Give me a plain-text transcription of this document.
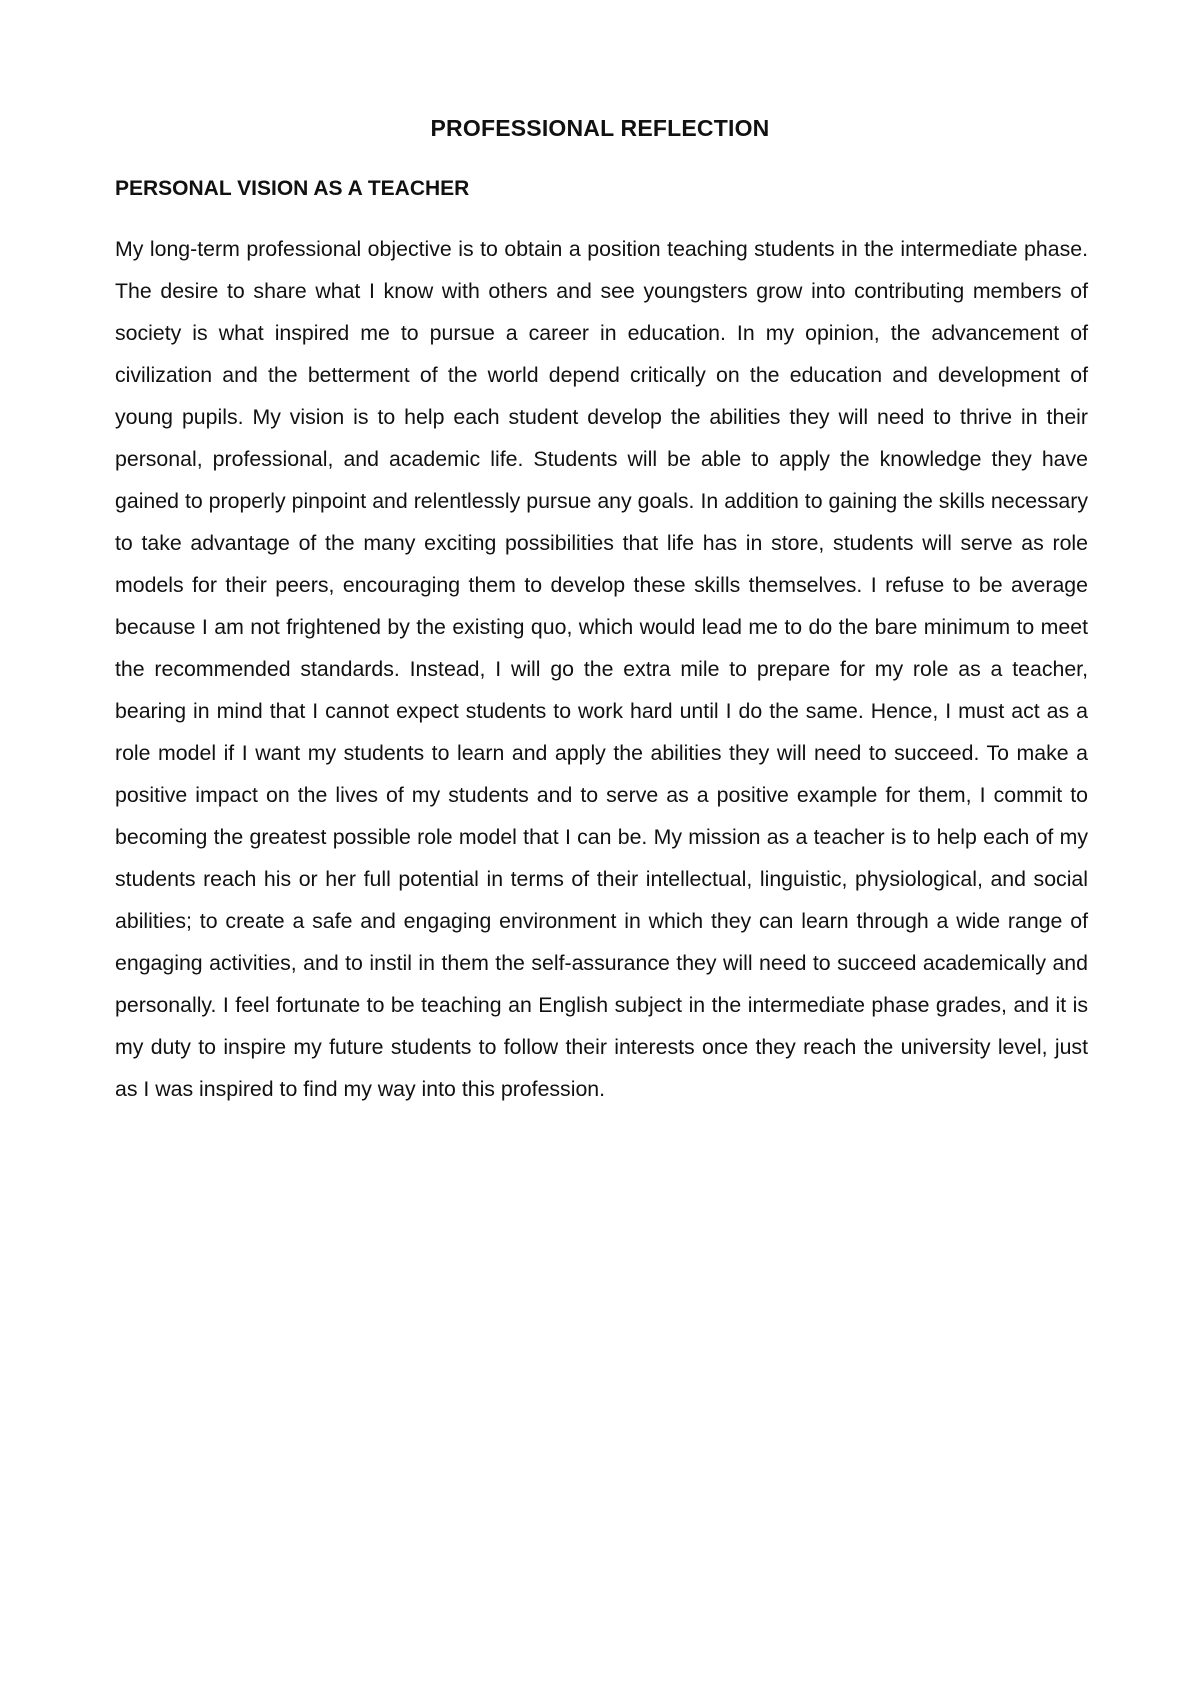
PROFESSIONAL REFLECTION
PERSONAL VISION AS A TEACHER

My long-term professional objective is to obtain a position teaching students in the intermediate phase. The desire to share what I know with others and see youngsters grow into contributing members of society is what inspired me to pursue a career in education. In my opinion, the advancement of civilization and the betterment of the world depend critically on the education and development of young pupils. My vision is to help each student develop the abilities they will need to thrive in their personal, professional, and academic life. Students will be able to apply the knowledge they have gained to properly pinpoint and relentlessly pursue any goals. In addition to gaining the skills necessary to take advantage of the many exciting possibilities that life has in store, students will serve as role models for their peers, encouraging them to develop these skills themselves. I refuse to be average because I am not frightened by the existing quo, which would lead me to do the bare minimum to meet the recommended standards. Instead, I will go the extra mile to prepare for my role as a teacher, bearing in mind that I cannot expect students to work hard until I do the same. Hence, I must act as a role model if I want my students to learn and apply the abilities they will need to succeed. To make a positive impact on the lives of my students and to serve as a positive example for them, I commit to becoming the greatest possible role model that I can be. My mission as a teacher is to help each of my students reach his or her full potential in terms of their intellectual, linguistic, physiological, and social abilities; to create a safe and engaging environment in which they can learn through a wide range of engaging activities, and to instil in them the self-assurance they will need to succeed academically and personally. I feel fortunate to be teaching an English subject in the intermediate phase grades, and it is my duty to inspire my future students to follow their interests once they reach the university level, just as I was inspired to find my way into this profession.
